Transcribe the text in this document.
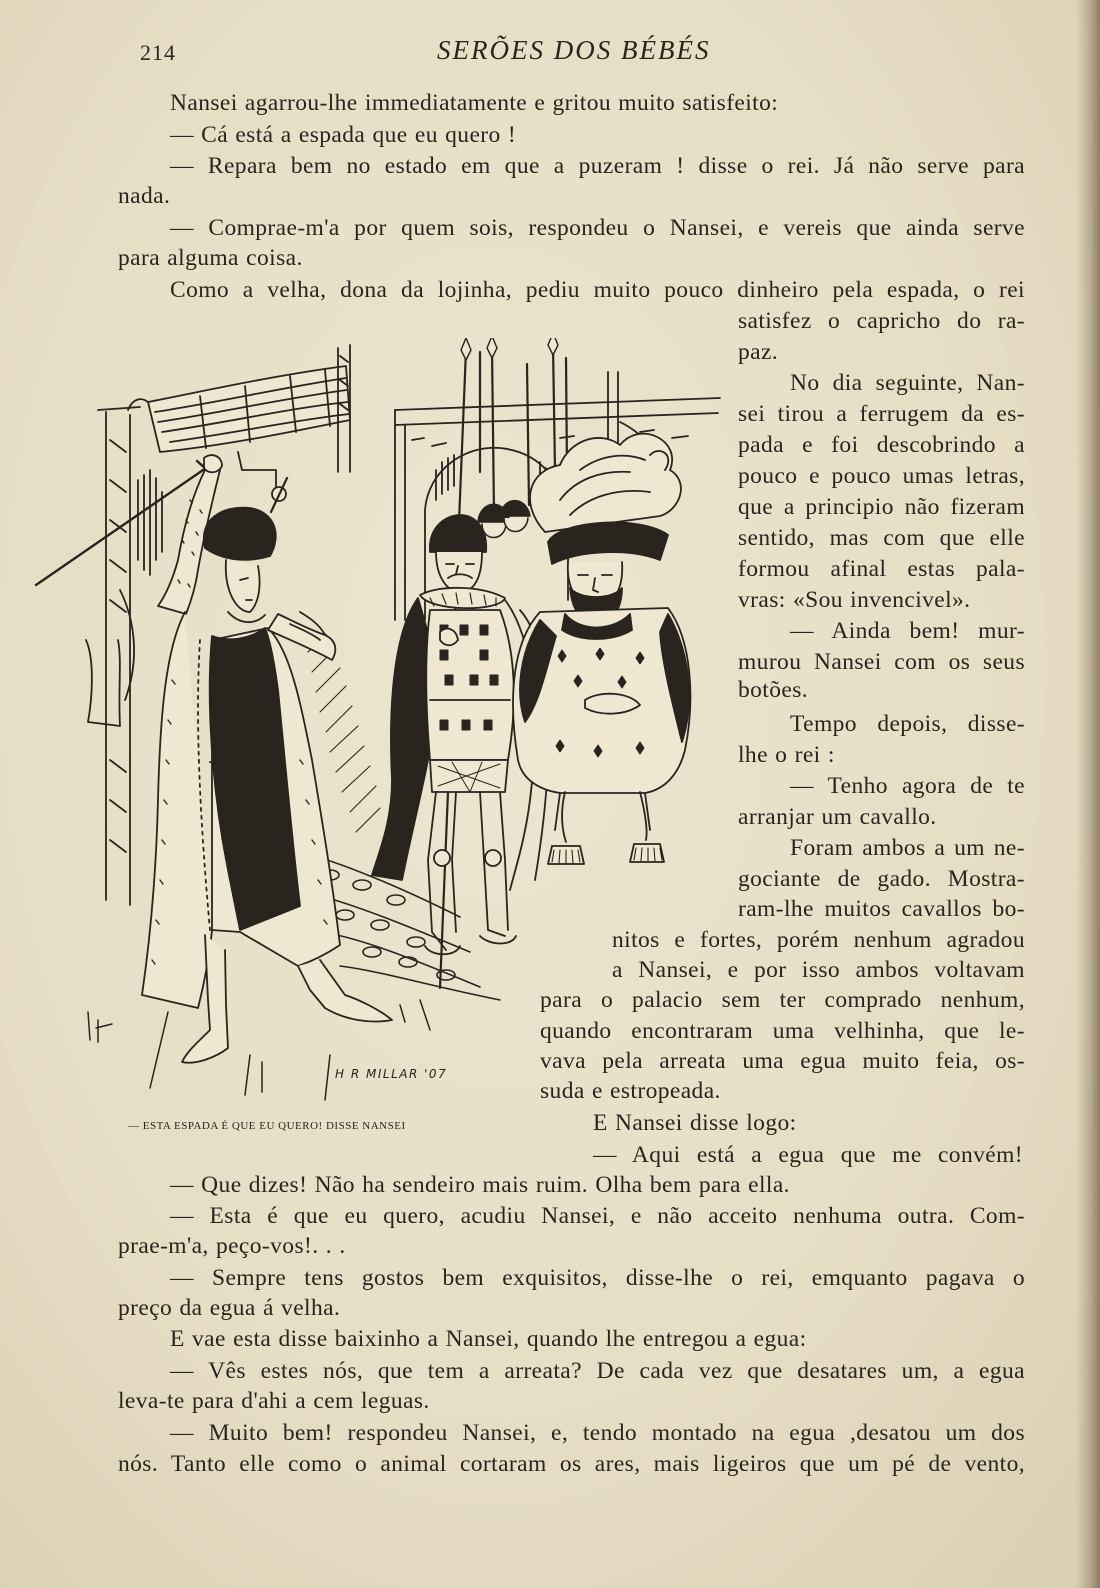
214	SERÕES DOS BÉBÉS
Nansei agarrou-lhe immediatamente e gritou muito satisfeito:
— Cá está a espada que eu quero !
— Repara bem no estado em que a puzeram ! disse o rei. Já não serve para
nada.
— Comprae-m'a por quem sois, respondeu o Nansei, e vereis que ainda serve
para alguma coisa.
Como a velha, dona da lojinha, pediu muito pouco dinheiro pela espada, o rei
satisfez o capricho do ra-
paz.
No dia seguinte, Nan-
sei tirou a ferrugem da es-
pada e foi descobrindo a
pouco e pouco umas letras,
que a principio não fizeram
sentido, mas com que elle
formou afinal estas pala-
vras: «Sou invencivel».
— Ainda bem! mur-
murou Nansei com os seus
botões.
Tempo depois, disse-
lhe o rei :
— Tenho agora de te
arranjar um cavallo.
Foram ambos a um ne-
gociante de gado. Mostra-
ram-lhe muitos cavallos bo-
nitos e fortes, porém nenhum agradou
a Nansei, e por isso ambos voltavam
para o palacio sem ter comprado nenhum,
quando encontraram uma velhinha, que le-
vava pela arreata uma egua muito feia, os-
suda e estropeada.
E Nansei disse logo:
— Aqui está a egua que me convém!
— Que dizes! Não ha sendeiro mais ruim. Olha bem para ella.
— Esta é que eu quero, acudiu Nansei, e não acceito nenhuma outra. Com-
prae-m'a, peço-vos!. . .
— Sempre tens gostos bem exquisitos, disse-lhe o rei, emquanto pagava o
preço da egua á velha.
E vae esta disse baixinho a Nansei, quando lhe entregou a egua:
— Vês estes nós, que tem a arreata? De cada vez que desatares um, a egua
leva-te para d'ahi a cem leguas.
— Muito bem! respondeu Nansei, e, tendo montado na egua ,desatou um dos
nós. Tanto elle como o animal cortaram os ares, mais ligeiros que um pé de vento,
— ESTA ESPADA É QUE EU QUERO! DISSE NANSEI
H R MILLAR '07
